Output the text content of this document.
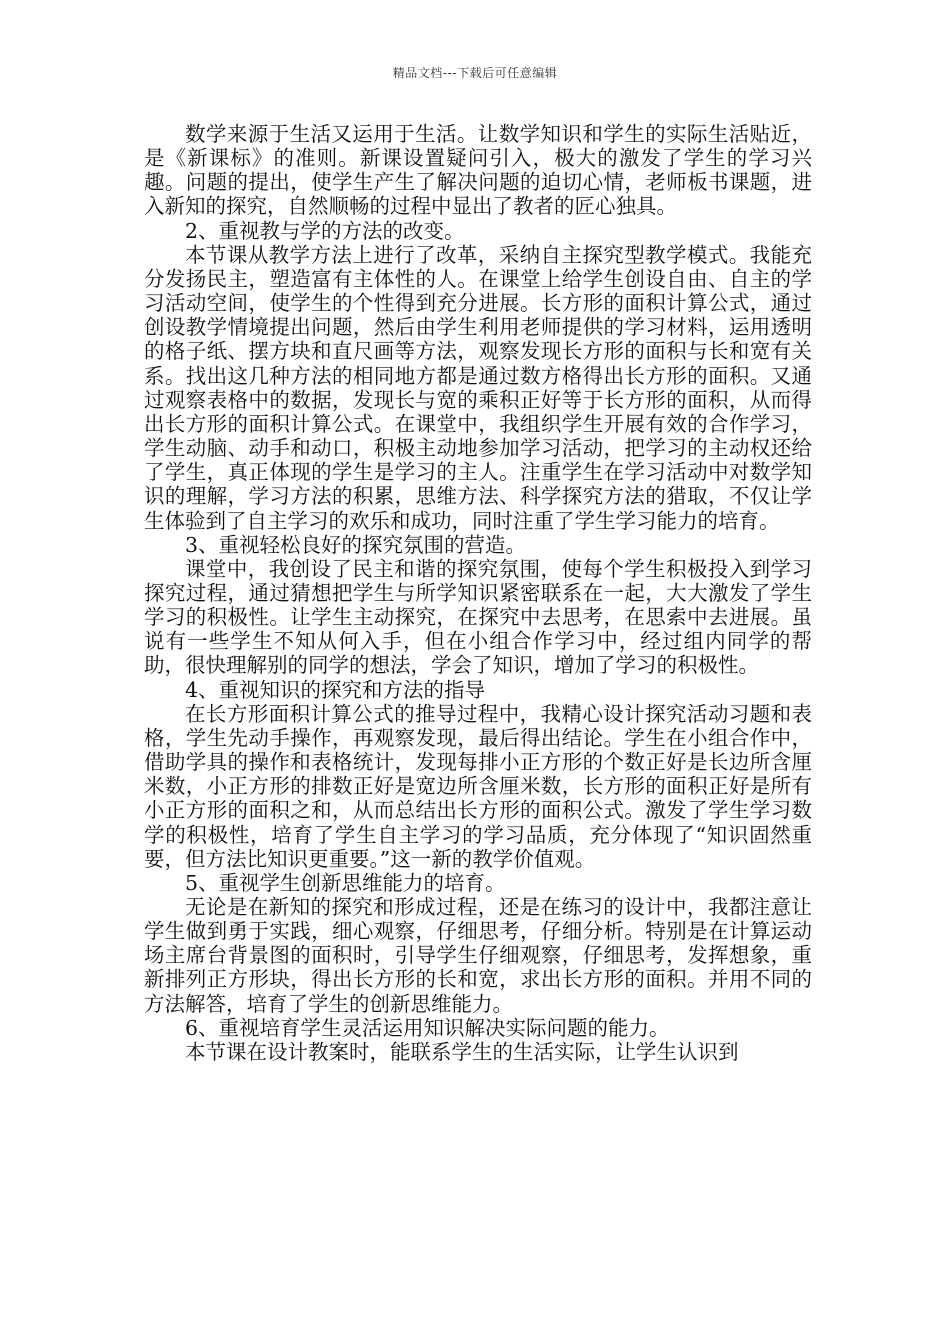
精品文档---下载后可任意编辑

数学来源于生活又运用于生活。让数学知识和学生的实际生活贴近，是《新课标》的准则。新课设置疑问引入，极大的激发了学生的学习兴趣。问题的提出，使学生产生了解决问题的迫切心情，老师板书课题，进入新知的探究，自然顺畅的过程中显出了教者的匠心独具。

2、重视教与学的方法的改变。

本节课从教学方法上进行了改革，采纳自主探究型教学模式。我能充分发扬民主，塑造富有主体性的人。在课堂上给学生创设自由、自主的学习活动空间，使学生的个性得到充分进展。长方形的面积计算公式，通过创设教学情境提出问题，然后由学生利用老师提供的学习材料，运用透明的格子纸、摆方块和直尺画等方法，观察发现长方形的面积与长和宽有关系。找出这几种方法的相同地方都是通过数方格得出长方形的面积。又通过观察表格中的数据，发现长与宽的乘积正好等于长方形的面积，从而得出长方形的面积计算公式。在课堂中，我组织学生开展有效的合作学习，学生动脑、动手和动口，积极主动地参加学习活动，把学习的主动权还给了学生，真正体现的学生是学习的主人。注重学生在学习活动中对数学知识的理解，学习方法的积累，思维方法、科学探究方法的猎取，不仅让学生体验到了自主学习的欢乐和成功，同时注重了学生学习能力的培育。

3、重视轻松良好的探究氛围的营造。

课堂中，我创设了民主和谐的探究氛围，使每个学生积极投入到学习探究过程，通过猜想把学生与所学知识紧密联系在一起，大大激发了学生学习的积极性。让学生主动探究，在探究中去思考，在思索中去进展。虽说有一些学生不知从何入手，但在小组合作学习中，经过组内同学的帮助，很快理解别的同学的想法，学会了知识，增加了学习的积极性。

4、重视知识的探究和方法的指导

在长方形面积计算公式的推导过程中，我精心设计探究活动习题和表格，学生先动手操作，再观察发现，最后得出结论。学生在小组合作中，借助学具的操作和表格统计，发现每排小正方形的个数正好是长边所含厘米数，小正方形的排数正好是宽边所含厘米数，长方形的面积正好是所有小正方形的面积之和，从而总结出长方形的面积公式。激发了学生学习数学的积极性，培育了学生自主学习的学习品质，充分体现了“知识固然重要，但方法比知识更重要。”这一新的教学价值观。

5、重视学生创新思维能力的培育。

无论是在新知的探究和形成过程，还是在练习的设计中，我都注意让学生做到勇于实践，细心观察，仔细思考，仔细分析。特别是在计算运动场主席台背景图的面积时，引导学生仔细观察，仔细思考，发挥想象，重新排列正方形块，得出长方形的长和宽，求出长方形的面积。并用不同的方法解答，培育了学生的创新思维能力。

6、重视培育学生灵活运用知识解决实际问题的能力。

本节课在设计教案时，能联系学生的生活实际，让学生认识到
